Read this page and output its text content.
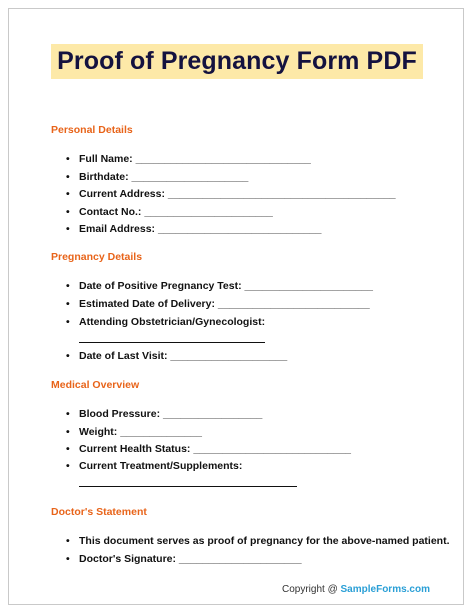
Proof of Pregnancy Form PDF
Personal Details
• Full Name: ______________________________
• Birthdate: ____________________
• Current Address: _______________________________________
• Contact No.: ______________________
• Email Address: ____________________________
Pregnancy Details
• Date of Positive Pregnancy Test: ______________________
• Estimated Date of Delivery: __________________________
• Attending Obstetrician/Gynecologist:
• Date of Last Visit: ____________________
Medical Overview
• Blood Pressure: _________________
• Weight: ______________
• Current Health Status: ___________________________
• Current Treatment/Supplements:
Doctor's Statement
• This document serves as proof of pregnancy for the above-named patient.
• Doctor's Signature: _____________________
Copyright @ SampleForms.com
